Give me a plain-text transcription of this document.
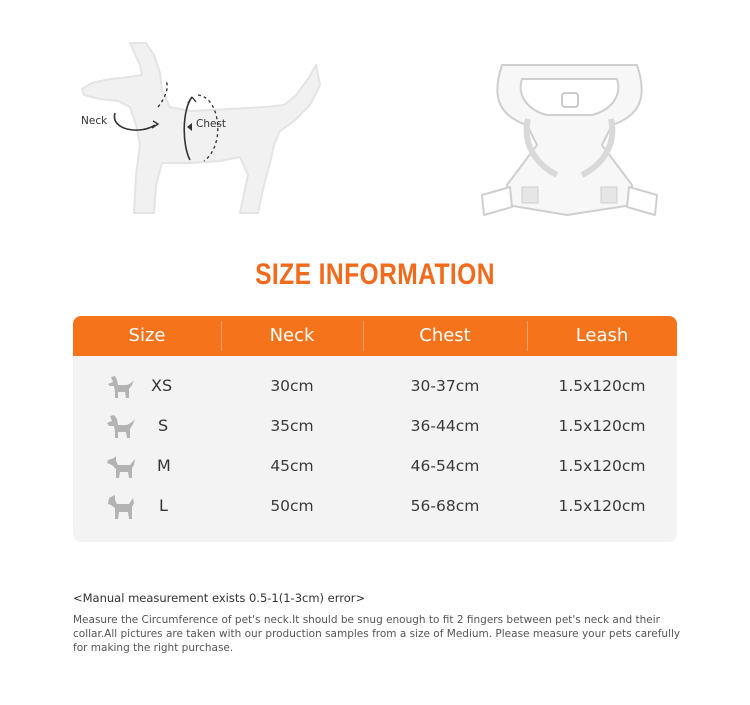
Neck	Chest
SIZE INFORMATION
Size	Neck	Chest	Leash
XS	30cm	30-37cm	1.5x120cm
S	35cm	36-44cm	1.5x120cm
M	45cm	46-54cm	1.5x120cm
L	50cm	56-68cm	1.5x120cm
<Manual measurement exists 0.5-1(1-3cm) error>
Measure the Circumference of pet's neck.It should be snug enough to fit 2 fingers between pet's neck and their collar.All pictures are taken with our production samples from a size of Medium. Please measure your pets carefully for making the right purchase.
